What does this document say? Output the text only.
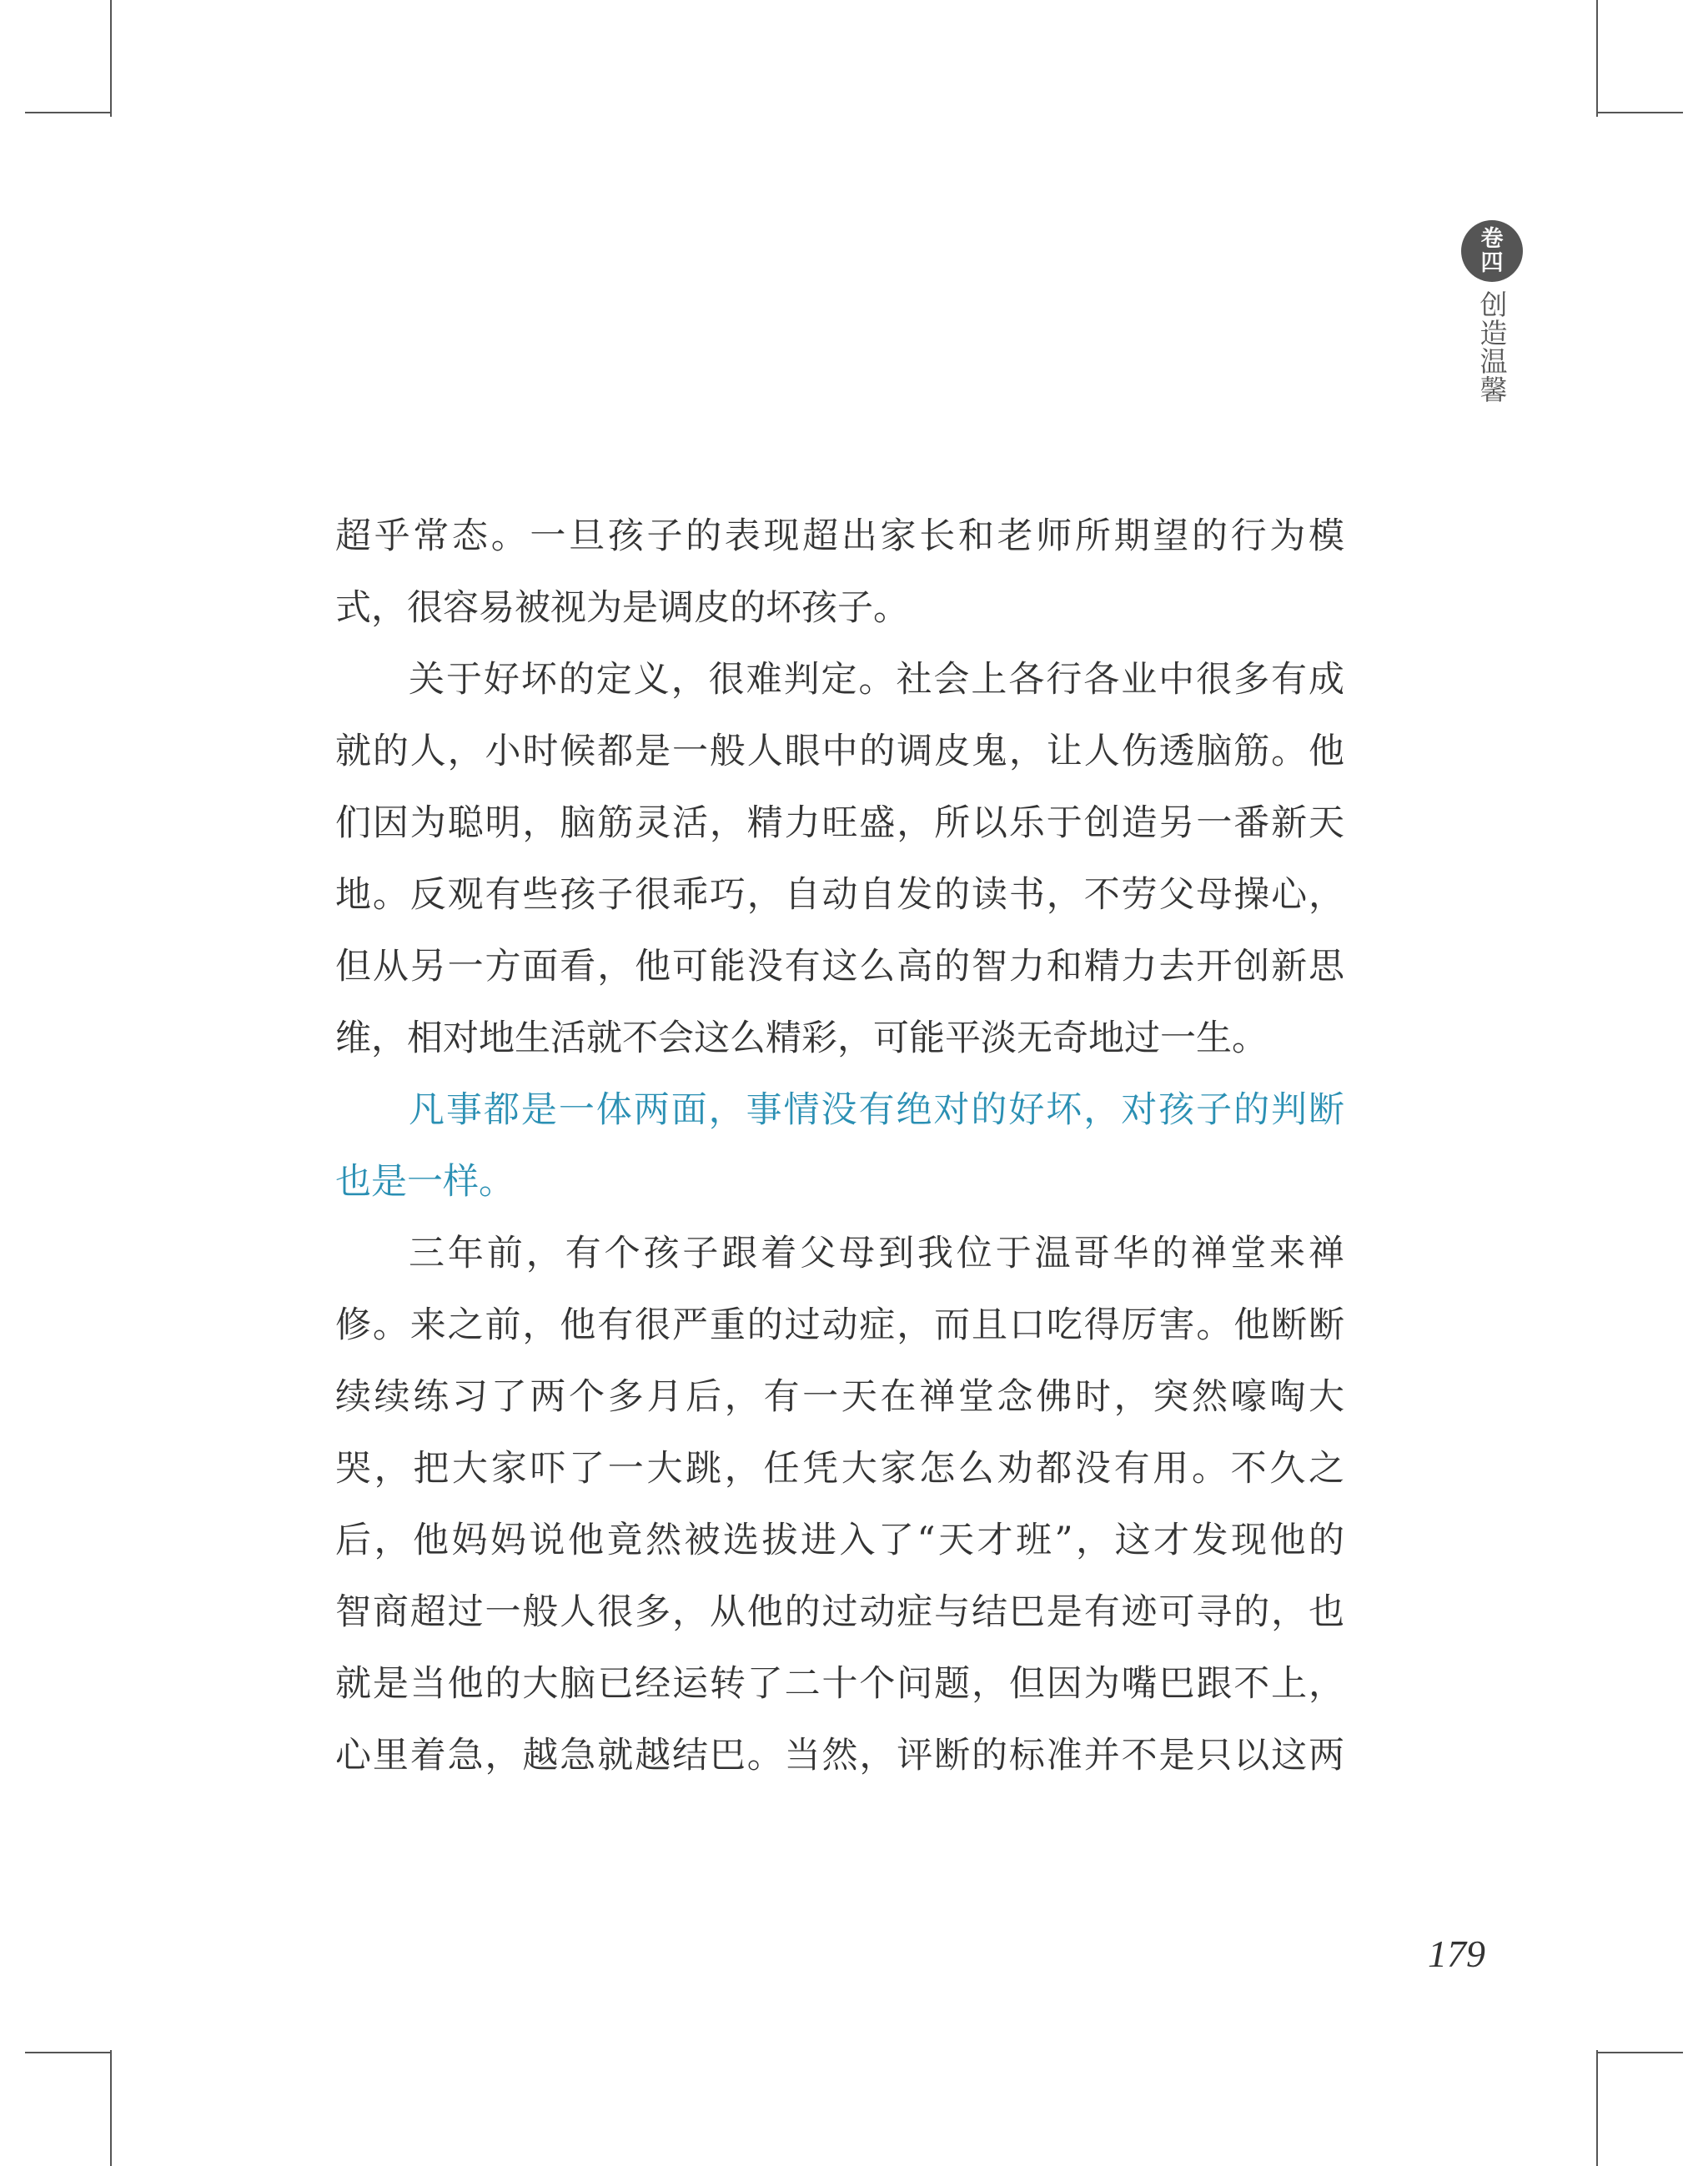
卷
四
创造温馨
超乎常态。一旦孩子的表现超出家长和老师所期望的行为模
式，很容易被视为是调皮的坏孩子。
关于好坏的定义，很难判定。社会上各行各业中很多有成
就的人，小时候都是一般人眼中的调皮鬼，让人伤透脑筋。他
们因为聪明，脑筋灵活，精力旺盛，所以乐于创造另一番新天
地。反观有些孩子很乖巧，自动自发的读书，不劳父母操心，
但从另一方面看，他可能没有这么高的智力和精力去开创新思
维，相对地生活就不会这么精彩，可能平淡无奇地过一生。
凡事都是一体两面，事情没有绝对的好坏，对孩子的判断
也是一样。
三年前，有个孩子跟着父母到我位于温哥华的禅堂来禅
修。来之前，他有很严重的过动症，而且口吃得厉害。他断断
续续练习了两个多月后，有一天在禅堂念佛时，突然嚎啕大
哭，把大家吓了一大跳，任凭大家怎么劝都没有用。不久之
后，他妈妈说他竟然被选拔进入了“天才班”，这才发现他的
智商超过一般人很多，从他的过动症与结巴是有迹可寻的，也
就是当他的大脑已经运转了二十个问题，但因为嘴巴跟不上，
心里着急，越急就越结巴。当然，评断的标准并不是只以这两
179
